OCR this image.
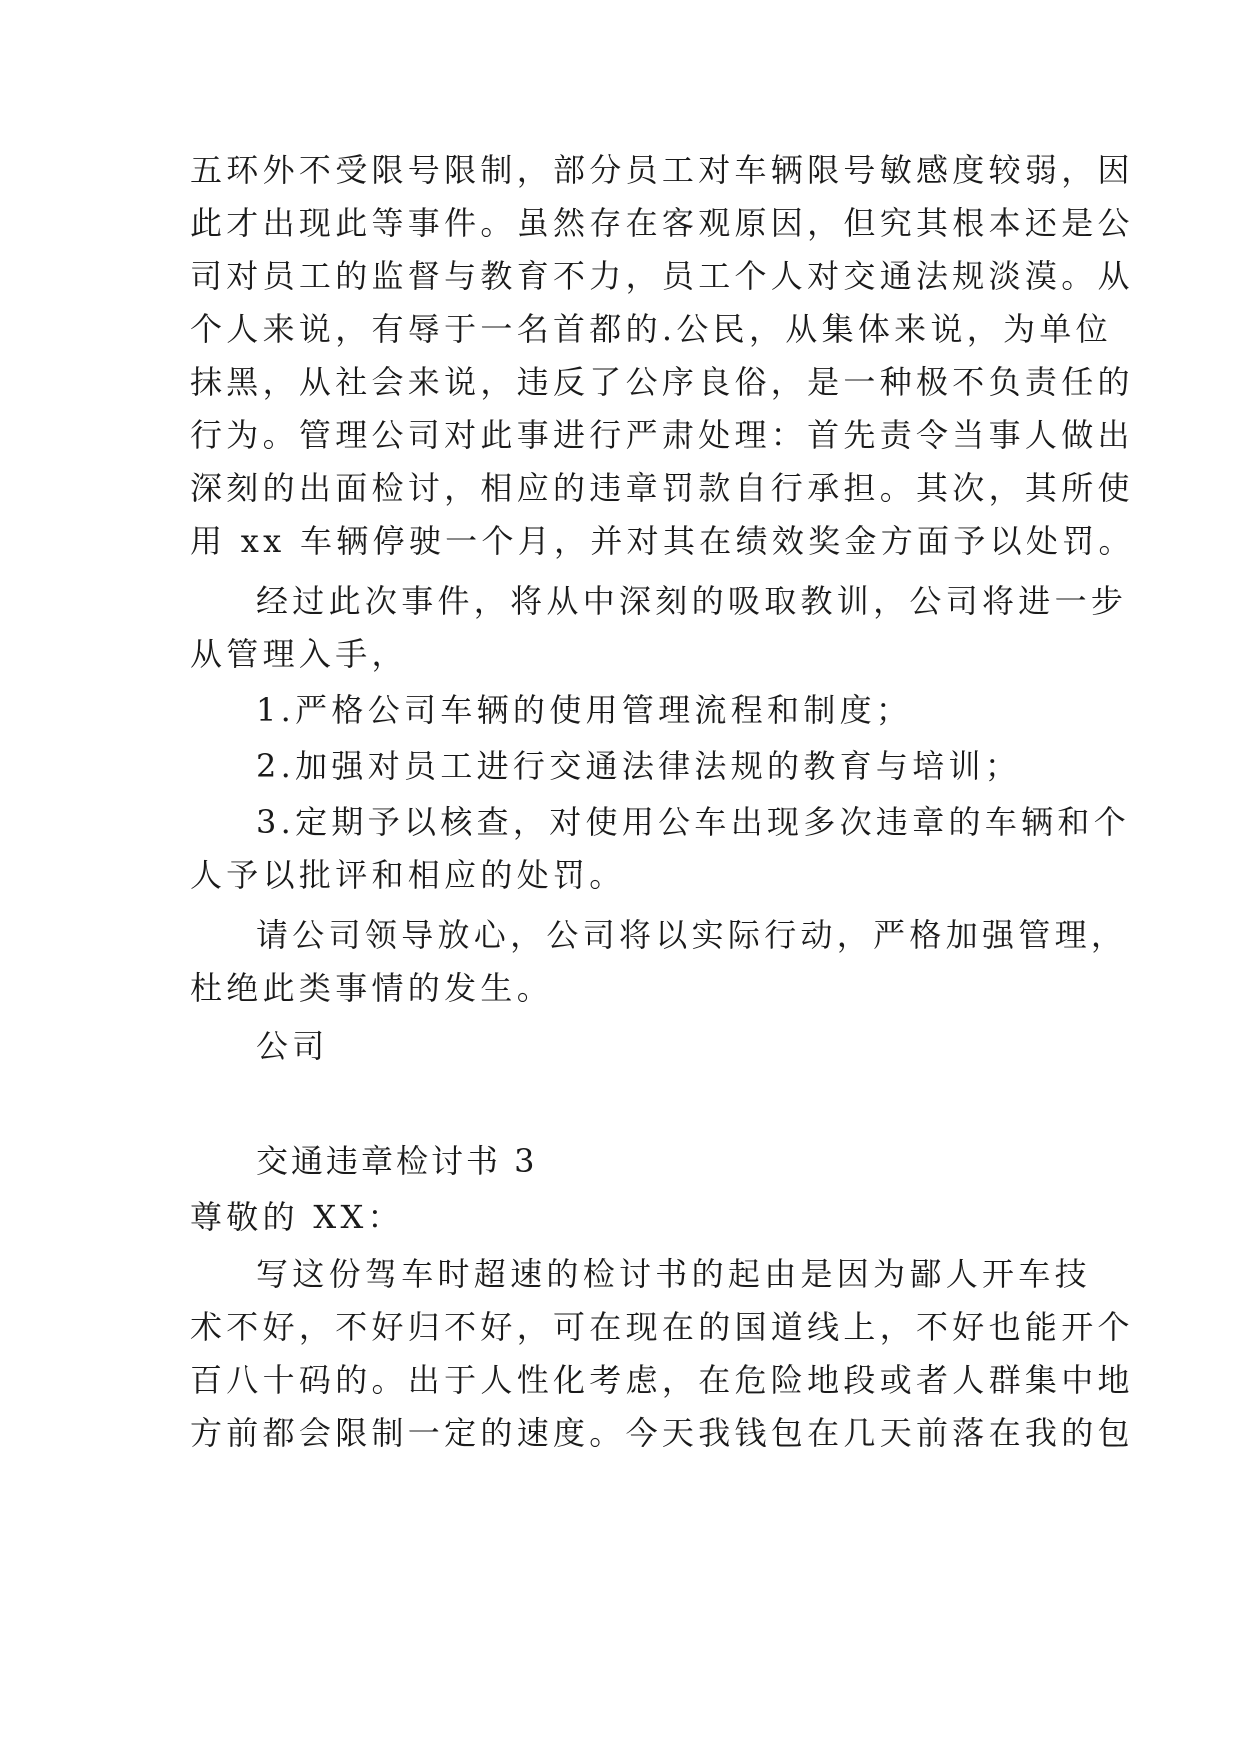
五环外不受限号限制，部分员工对车辆限号敏感度较弱，因
此才出现此等事件。虽然存在客观原因，但究其根本还是公
司对员工的监督与教育不力，员工个人对交通法规淡漠。从
个人来说，有辱于一名首都的.公民，从集体来说，为单位
抹黑，从社会来说，违反了公序良俗，是一种极不负责任的
行为。管理公司对此事进行严肃处理：首先责令当事人做出
深刻的出面检讨，相应的违章罚款自行承担。其次，其所使
用 xx 车辆停驶一个月，并对其在绩效奖金方面予以处罚。
经过此次事件，将从中深刻的吸取教训，公司将进一步
从管理入手，
1.严格公司车辆的使用管理流程和制度；
2.加强对员工进行交通法律法规的教育与培训；
3.定期予以核查，对使用公车出现多次违章的车辆和个
人予以批评和相应的处罚。
请公司领导放心，公司将以实际行动，严格加强管理，
杜绝此类事情的发生。
公司
交通违章检讨书 3
尊敬的 XX：
写这份驾车时超速的检讨书的起由是因为鄙人开车技
术不好，不好归不好，可在现在的国道线上，不好也能开个
百八十码的。出于人性化考虑，在危险地段或者人群集中地
方前都会限制一定的速度。今天我钱包在几天前落在我的包
